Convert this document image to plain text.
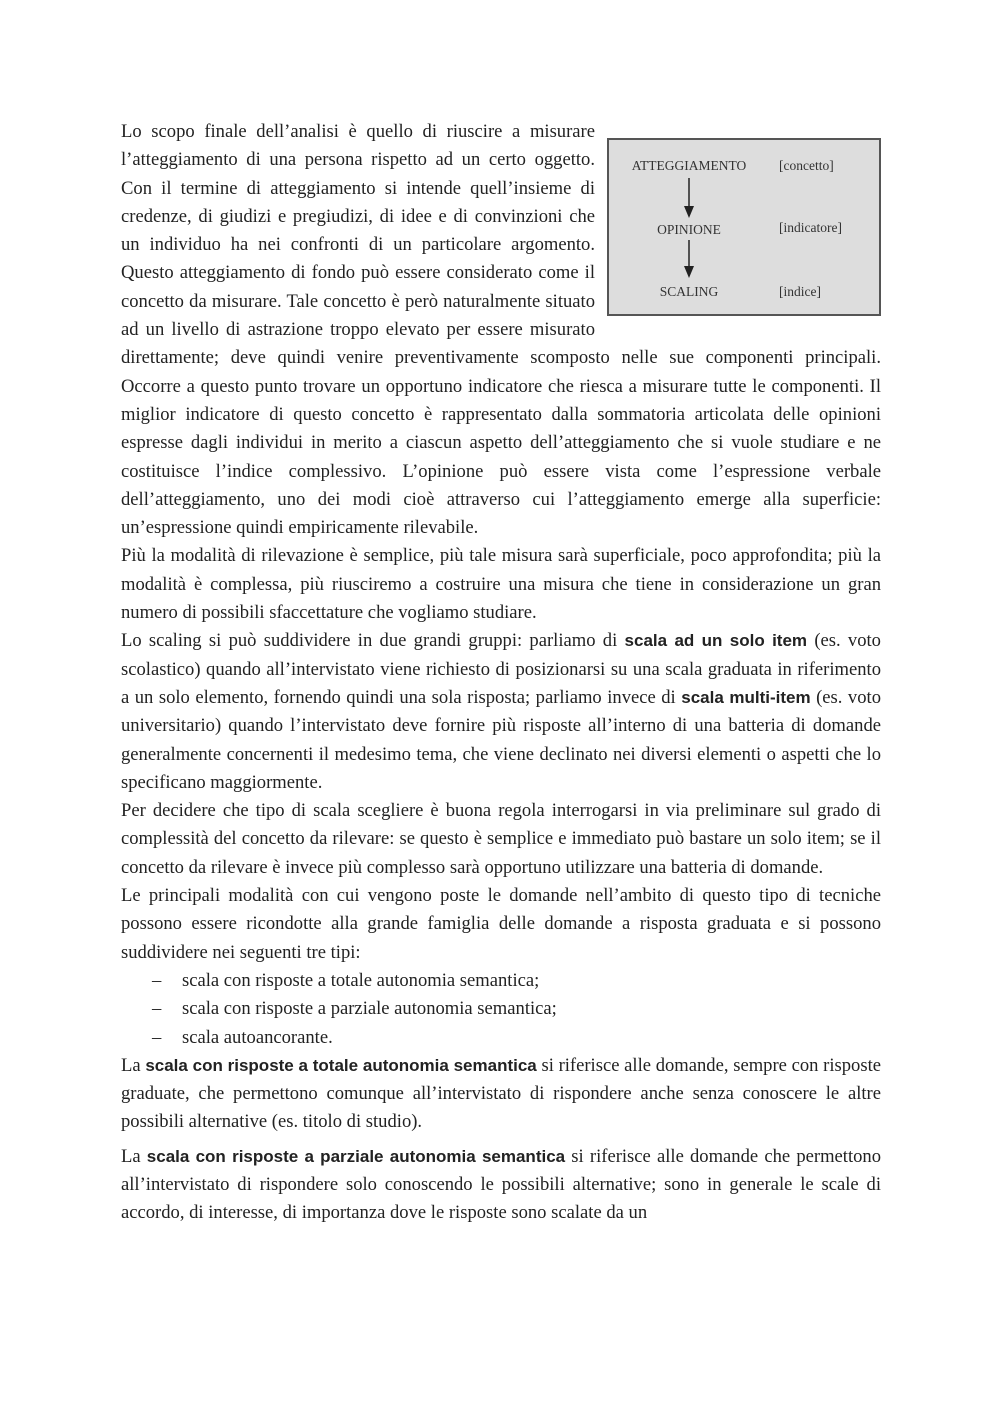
ATTEGGIAMENTO	[concetto]
OPINIONE	[indicatore]
SCALING	[indice]

Lo scopo finale dell’analisi è quello di riuscire a misurare l’atteggiamento di una persona rispetto ad un certo oggetto. Con il termine di atteggiamento si intende quell’insieme di credenze, di giudizi e pregiudizi, di idee e di convinzioni che un individuo ha nei confronti di un particolare argomento. Questo atteggiamento di fondo può essere considerato come il concetto da misurare. Tale concetto è però naturalmente situato ad un livello di astrazione troppo elevato per essere misurato direttamente; deve quindi venire preventivamente scomposto nelle sue componenti principali. Occorre a questo punto trovare un opportuno indicatore che riesca a misurare tutte le componenti. Il miglior indicatore di questo concetto è rappresentato dalla sommatoria articolata delle opinioni espresse dagli individui in merito a ciascun aspetto dell’atteggiamento che si vuole studiare e ne costituisce l’indice complessivo. L’opinione può essere vista come l’espressione verbale dell’atteggiamento, uno dei modi cioè attraverso cui l’atteggiamento emerge alla superficie: un’espressione quindi empiricamente rilevabile.

Più la modalità di rilevazione è semplice, più tale misura sarà superficiale, poco approfondita; più la modalità è complessa, più riusciremo a costruire una misura che tiene in considerazione un gran numero di possibili sfaccettature che vogliamo studiare.

Lo scaling si può suddividere in due grandi gruppi: parliamo di scala ad un solo item (es. voto scolastico) quando all’intervistato viene richiesto di posizionarsi su una scala graduata in riferimento a un solo elemento, fornendo quindi una sola risposta; parliamo invece di scala multi-item (es. voto universitario) quando l’intervistato deve fornire più risposte all’interno di una batteria di domande generalmente concernenti il medesimo tema, che viene declinato nei diversi elementi o aspetti che lo specificano maggiormente.

Per decidere che tipo di scala scegliere è buona regola interrogarsi in via preliminare sul grado di complessità del concetto da rilevare: se questo è semplice e immediato può bastare un solo item; se il concetto da rilevare è invece più complesso sarà opportuno utilizzare una batteria di domande.

Le principali modalità con cui vengono poste le domande nell’ambito di questo tipo di tecniche possono essere ricondotte alla grande famiglia delle domande a risposta graduata e si possono suddividere nei seguenti tre tipi:

– scala con risposte a totale autonomia semantica;
– scala con risposte a parziale autonomia semantica;
– scala autoancorante.

La scala con risposte a totale autonomia semantica si riferisce alle domande, sempre con risposte graduate, che permettono comunque all’intervistato di rispondere anche senza conoscere le altre possibili alternative (es. titolo di studio).

La scala con risposte a parziale autonomia semantica si riferisce alle domande che permettono all’intervistato di rispondere solo conoscendo le possibili alternative; sono in generale le scale di accordo, di interesse, di importanza dove le risposte sono scalate da un
